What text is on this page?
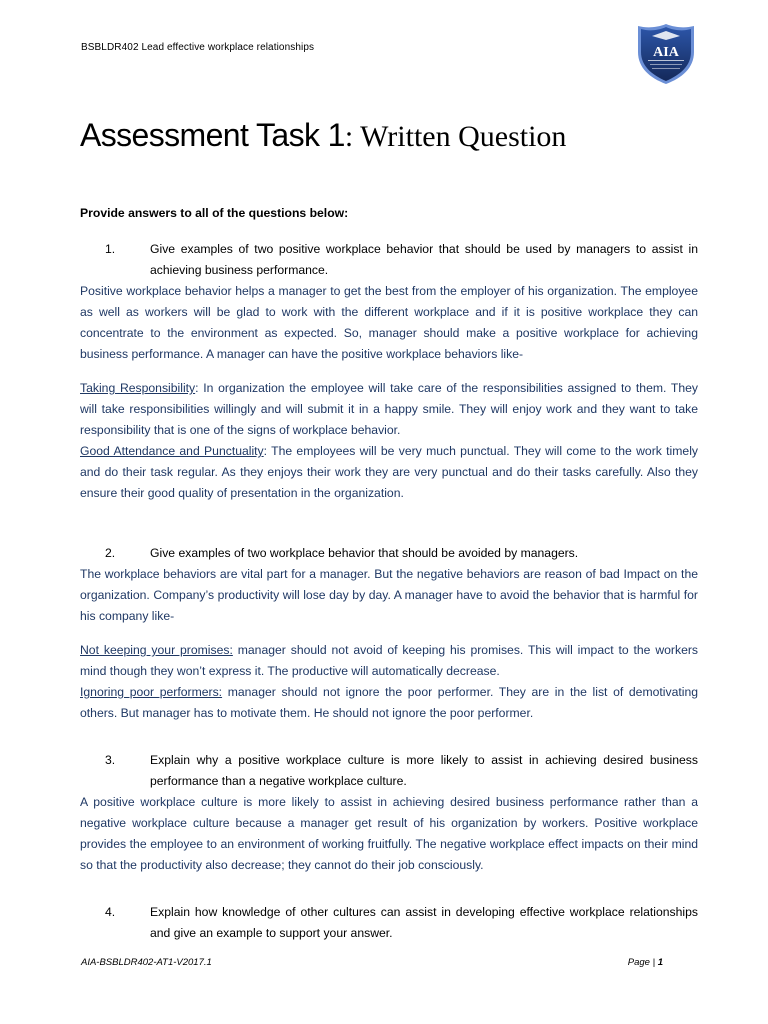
BSBLDR402 Lead effective workplace relationships	AIA
Assessment Task 1: Written Question

Provide answers to all of the questions below:

1.	Give examples of two positive workplace behavior that should be used by managers to assist in achieving business performance.

Positive workplace behavior helps a manager to get the best from the employer of his organization. The employee as well as workers will be glad to work with the different workplace and if it is positive workplace they can concentrate to the environment as expected. So, manager should make a positive workplace for achieving business performance. A manager can have the positive workplace behaviors like-

Taking Responsibility: In organization the employee will take care of the responsibilities assigned to them. They will take responsibilities willingly and will submit it in a happy smile. They will enjoy work and they want to take responsibility that is one of the signs of workplace behavior.

Good Attendance and Punctuality: The employees will be very much punctual. They will come to the work timely and do their task regular. As they enjoys their work they are very punctual and do their tasks carefully. Also they ensure their good quality of presentation in the organization.

2.	Give examples of two workplace behavior that should be avoided by managers.

The workplace behaviors are vital part for a manager. But the negative behaviors are reason of bad Impact on the organization. Company’s productivity will lose day by day. A manager have to avoid the behavior that is harmful for his company like-

Not keeping your promises: manager should not avoid of keeping his promises. This will impact to the workers mind though they won’t express it. The productive will automatically decrease.

Ignoring poor performers: manager should not ignore the poor performer. They are in the list of demotivating others. But manager has to motivate them. He should not ignore the poor performer.

3.	Explain why a positive workplace culture is more likely to assist in achieving desired business performance than a negative workplace culture.

A positive workplace culture is more likely to assist in achieving desired business performance rather than a negative workplace culture because a manager get result of his organization by workers. Positive workplace provides the employee to an environment of working fruitfully. The negative workplace effect impacts on their mind so that the productivity also decrease; they cannot do their job consciously.

4.	Explain how knowledge of other cultures can assist in developing effective workplace relationships and give an example to support your answer.
AIA-BSBLDR402-AT1-V2017.1	Page | 1
